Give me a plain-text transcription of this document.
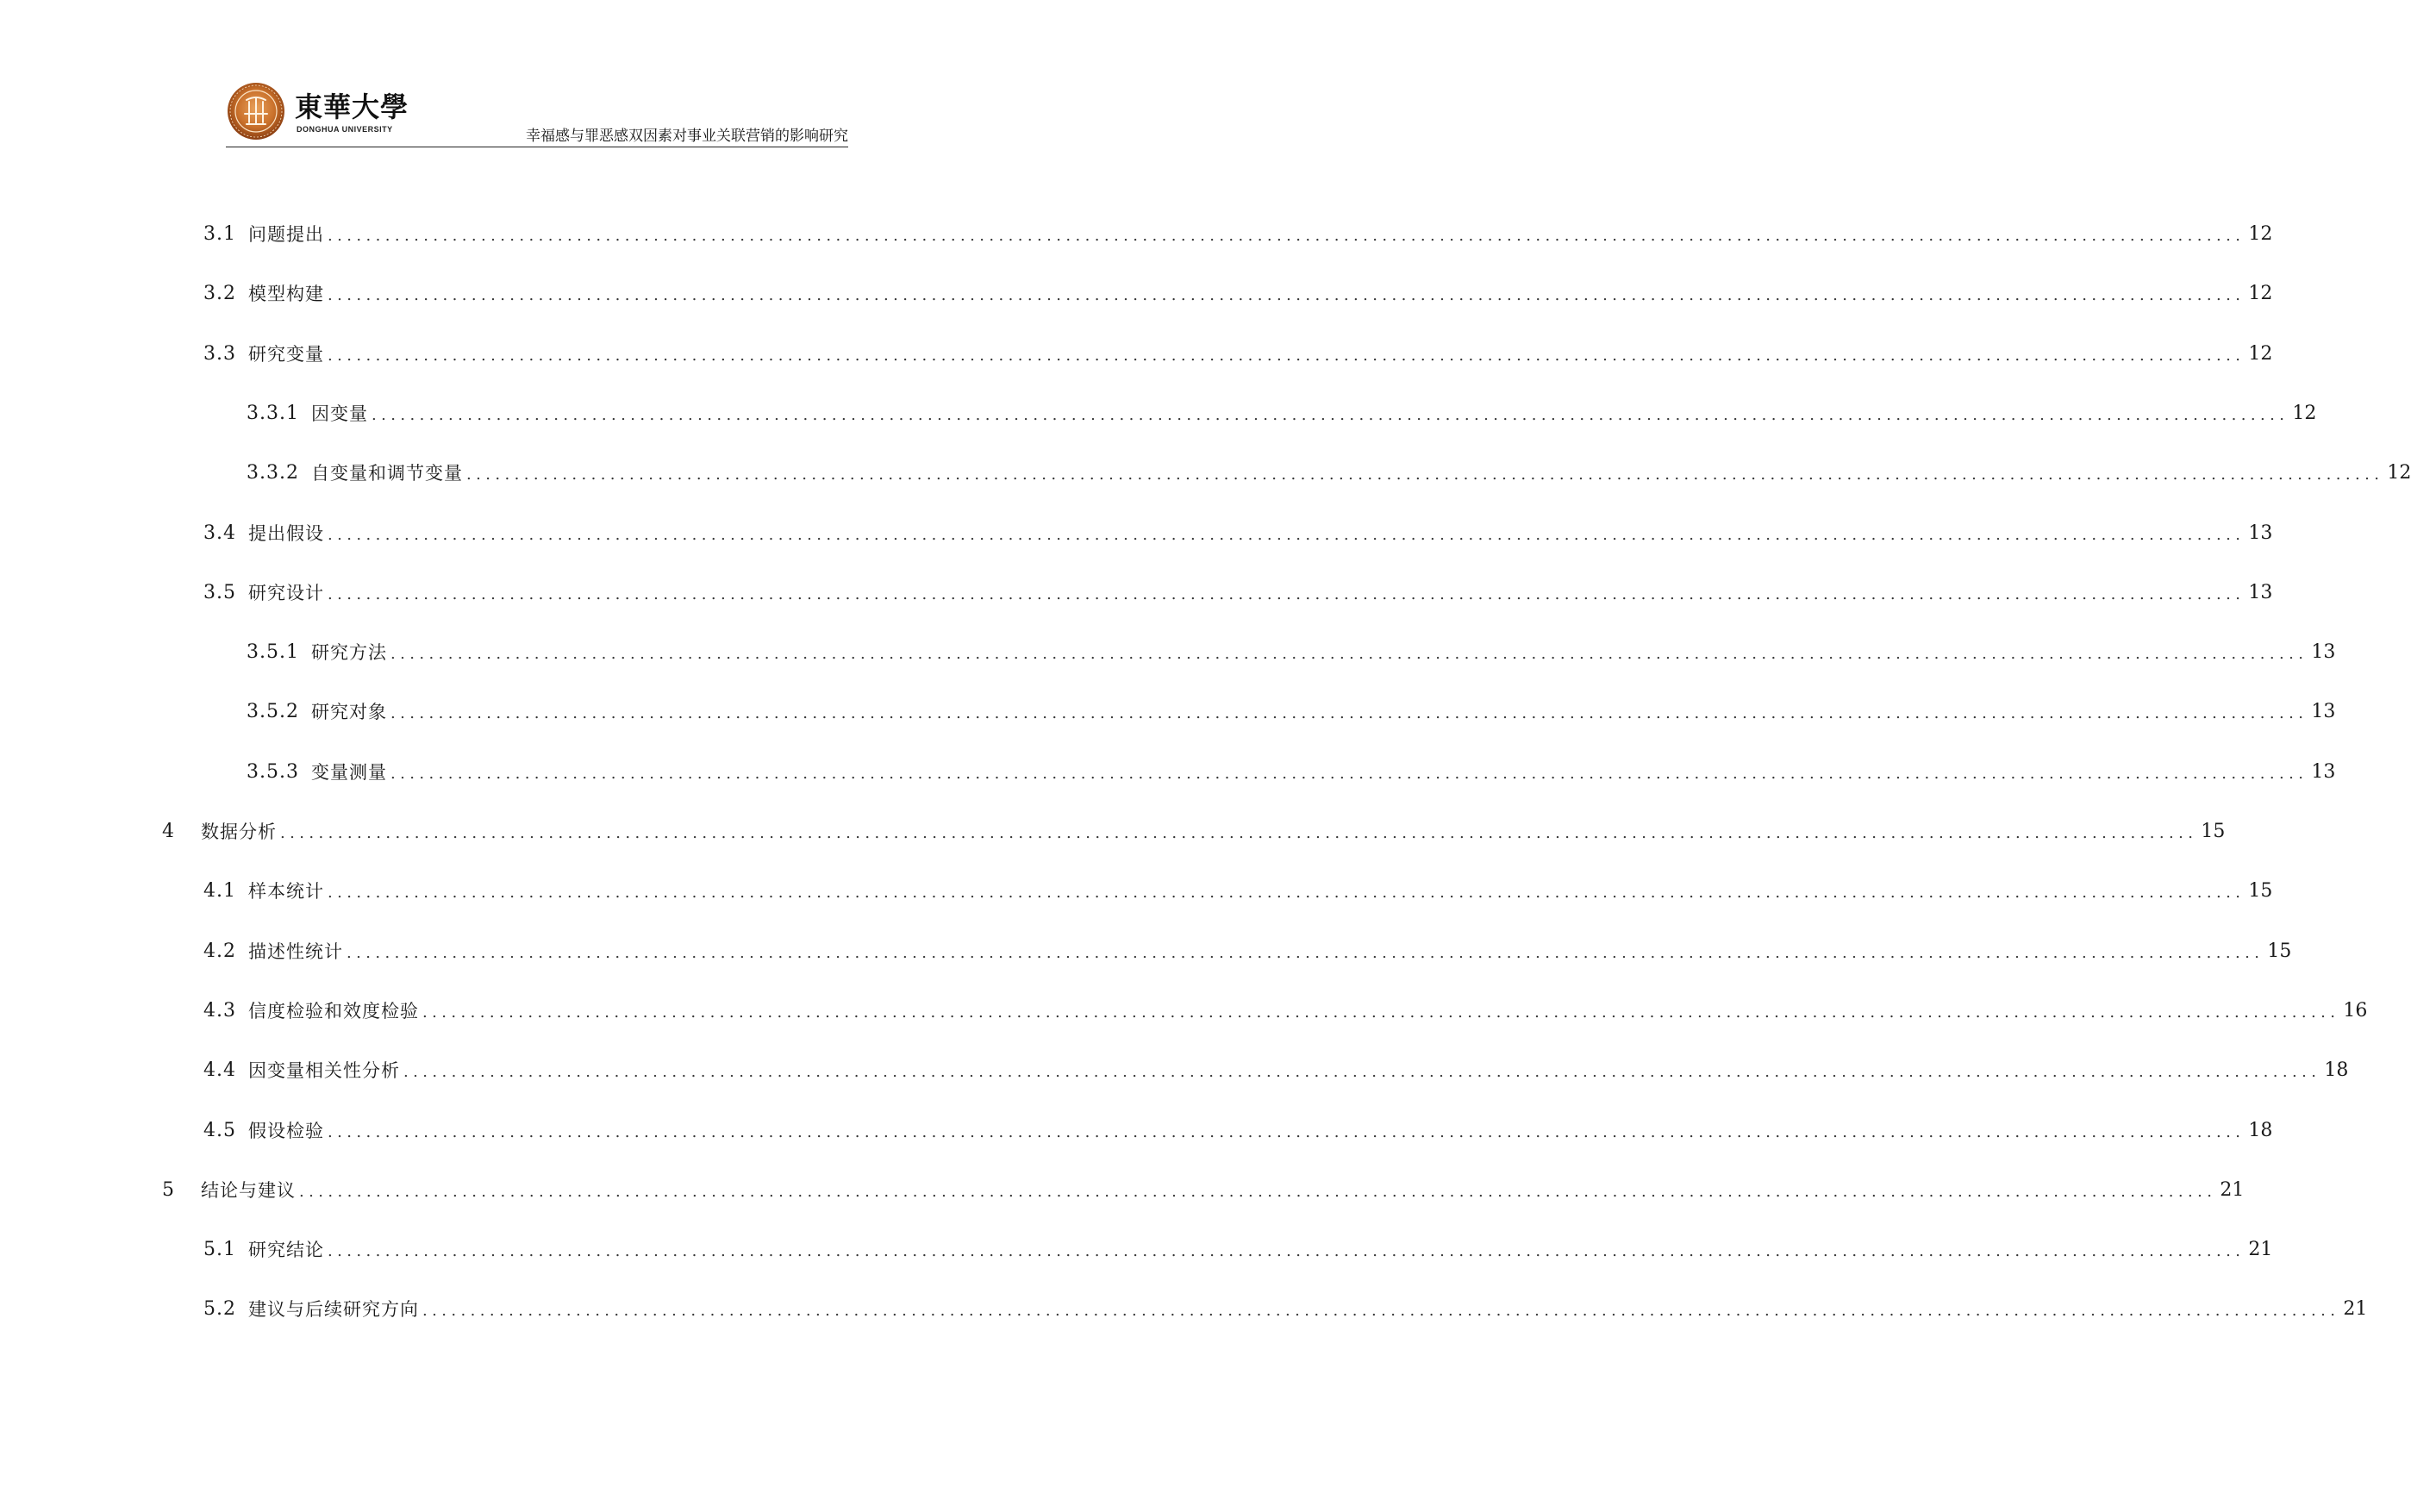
東華大學
DONGHUA UNIVERSITY	幸福感与罪恶感双因素对事业关联营销的影响研究
3.1 问题提出 ........................................................................................................................................................................................................ 12
3.2 模型构建 ........................................................................................................................................................................................................ 12
3.3 研究变量 ........................................................................................................................................................................................................ 12
3.3.1 因变量 ........................................................................................................................................................................................................ 12
3.3.2 自变量和调节变量 ........................................................................................................................................................................................................ 12
3.4 提出假设 ........................................................................................................................................................................................................ 13
3.5 研究设计 ........................................................................................................................................................................................................ 13
3.5.1 研究方法 ........................................................................................................................................................................................................ 13
3.5.2 研究对象 ........................................................................................................................................................................................................ 13
3.5.3 变量测量 ........................................................................................................................................................................................................ 13
4 数据分析 ........................................................................................................................................................................................................ 15
4.1 样本统计 ........................................................................................................................................................................................................ 15
4.2 描述性统计 ........................................................................................................................................................................................................ 15
4.3 信度检验和效度检验 ........................................................................................................................................................................................................ 16
4.4 因变量相关性分析 ........................................................................................................................................................................................................ 18
4.5 假设检验 ........................................................................................................................................................................................................ 18
5 结论与建议 ........................................................................................................................................................................................................ 21
5.1 研究结论 ........................................................................................................................................................................................................ 21
5.2 建议与后续研究方向 ........................................................................................................................................................................................................ 21
